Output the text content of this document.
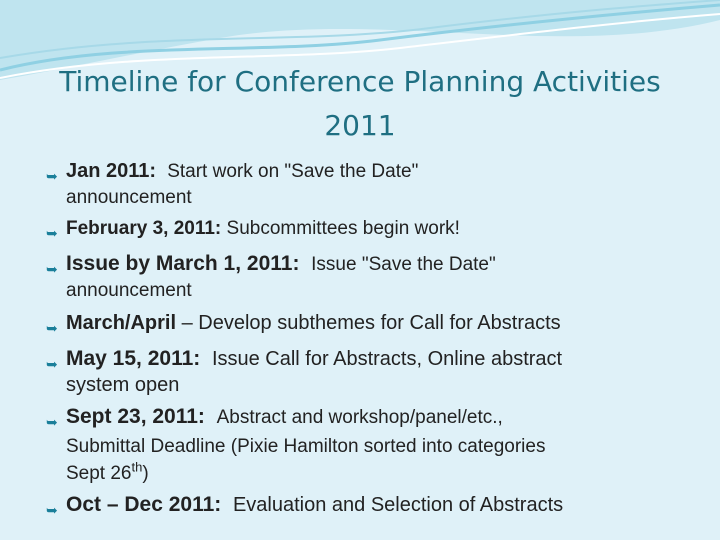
Timeline for Conference Planning Activities
2011
➥ Jan 2011: Start work on "Save the Date"
announcement
➥ February 3, 2011: Subcommittees begin work!
➥ Issue by March 1, 2011: Issue "Save the Date"
announcement
➥ March/April – Develop subthemes for Call for Abstracts
➥ May 15, 2011: Issue Call for Abstracts, Online abstract
system open
➥ Sept 23, 2011: Abstract and workshop/panel/etc.,
Submittal Deadline (Pixie Hamilton sorted into categories
Sept 26th)
➥ Oct – Dec 2011: Evaluation and Selection of Abstracts
